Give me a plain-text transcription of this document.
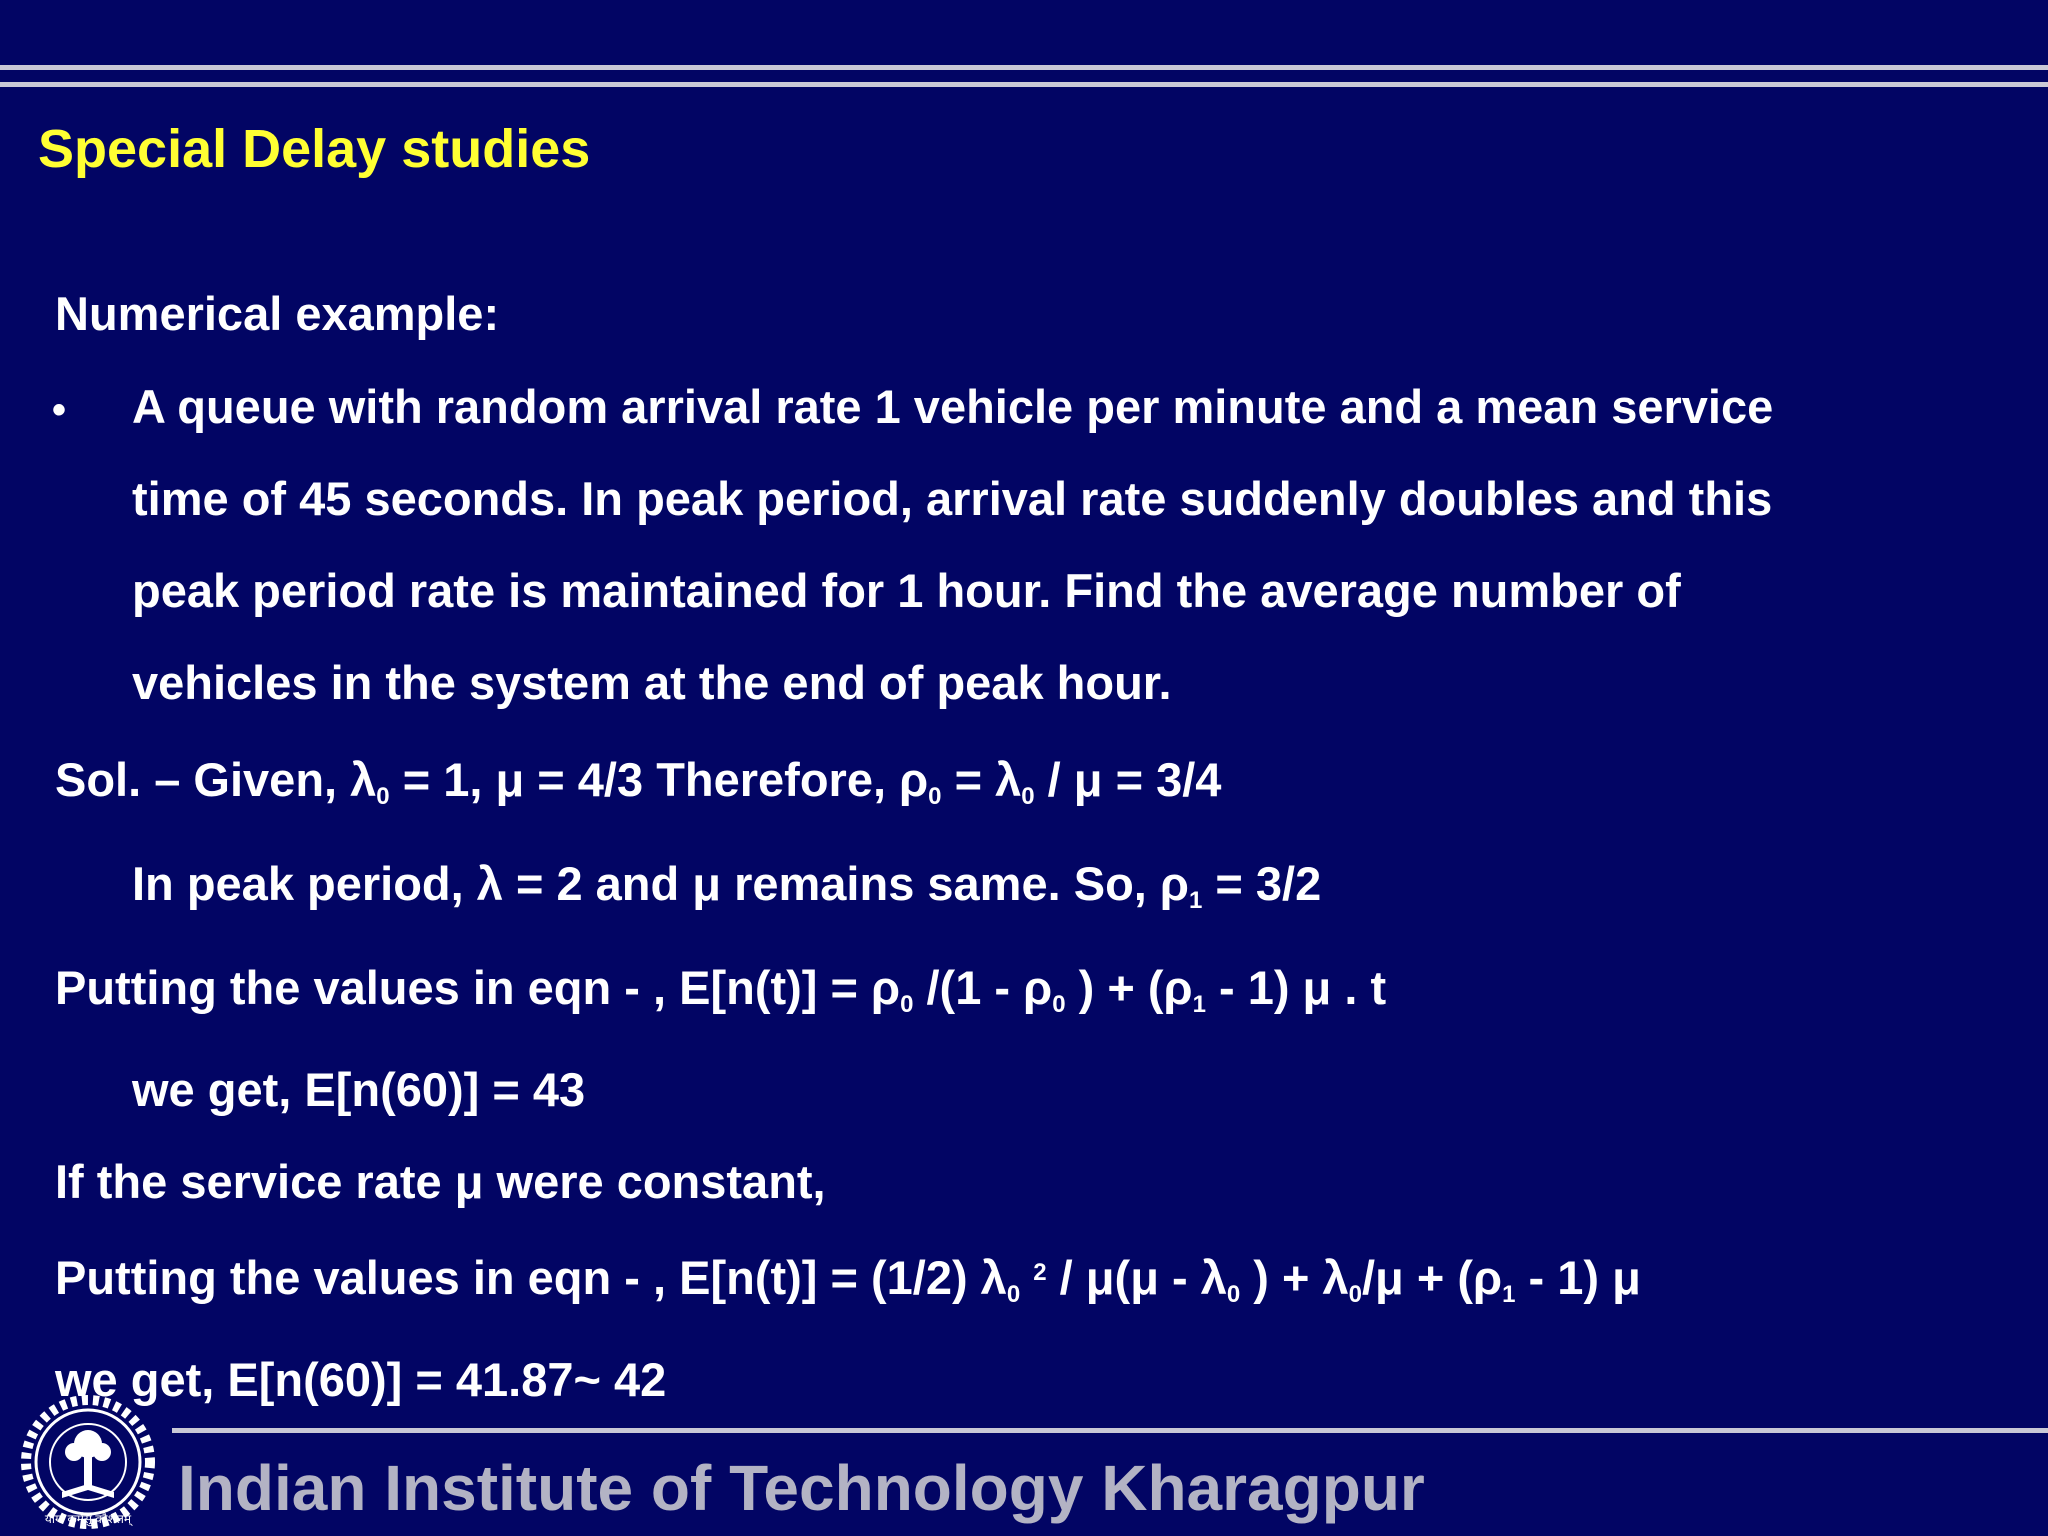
Special Delay studies
Numerical example:
• A queue with random arrival rate 1 vehicle per minute and a mean service
time of 45 seconds. In peak period, arrival rate suddenly doubles and this
peak period rate is maintained for 1 hour. Find the average number of
vehicles in the system at the end of peak hour.
Sol. – Given, $\lambda_0 = 1$, μ = 4/3 Therefore, $\rho_0 = \lambda_0 / \mu = 3/4$
In peak period, λ = 2 and μ remains same. So, $\rho_1 = 3/2$
Putting the values in eqn - , $E[n(t)] = \rho_0$ $/(1 - \rho_0$ ) + $(\rho_1 - 1)$ μ . t
we get, E[n(60)] = 43
If the service rate μ were constant,
Putting the values in eqn - , E[n(t)] = (1/2) $\lambda_0$ $^2 / \mu(\mu - \lambda_0$ ) + $\lambda_0/\mu + (\rho_1 - 1)$ μ
we get, E[n(60)] = 41.87~ 42
योगः कर्मसु कौशलम् Indian Institute of Technology Kharagpur
